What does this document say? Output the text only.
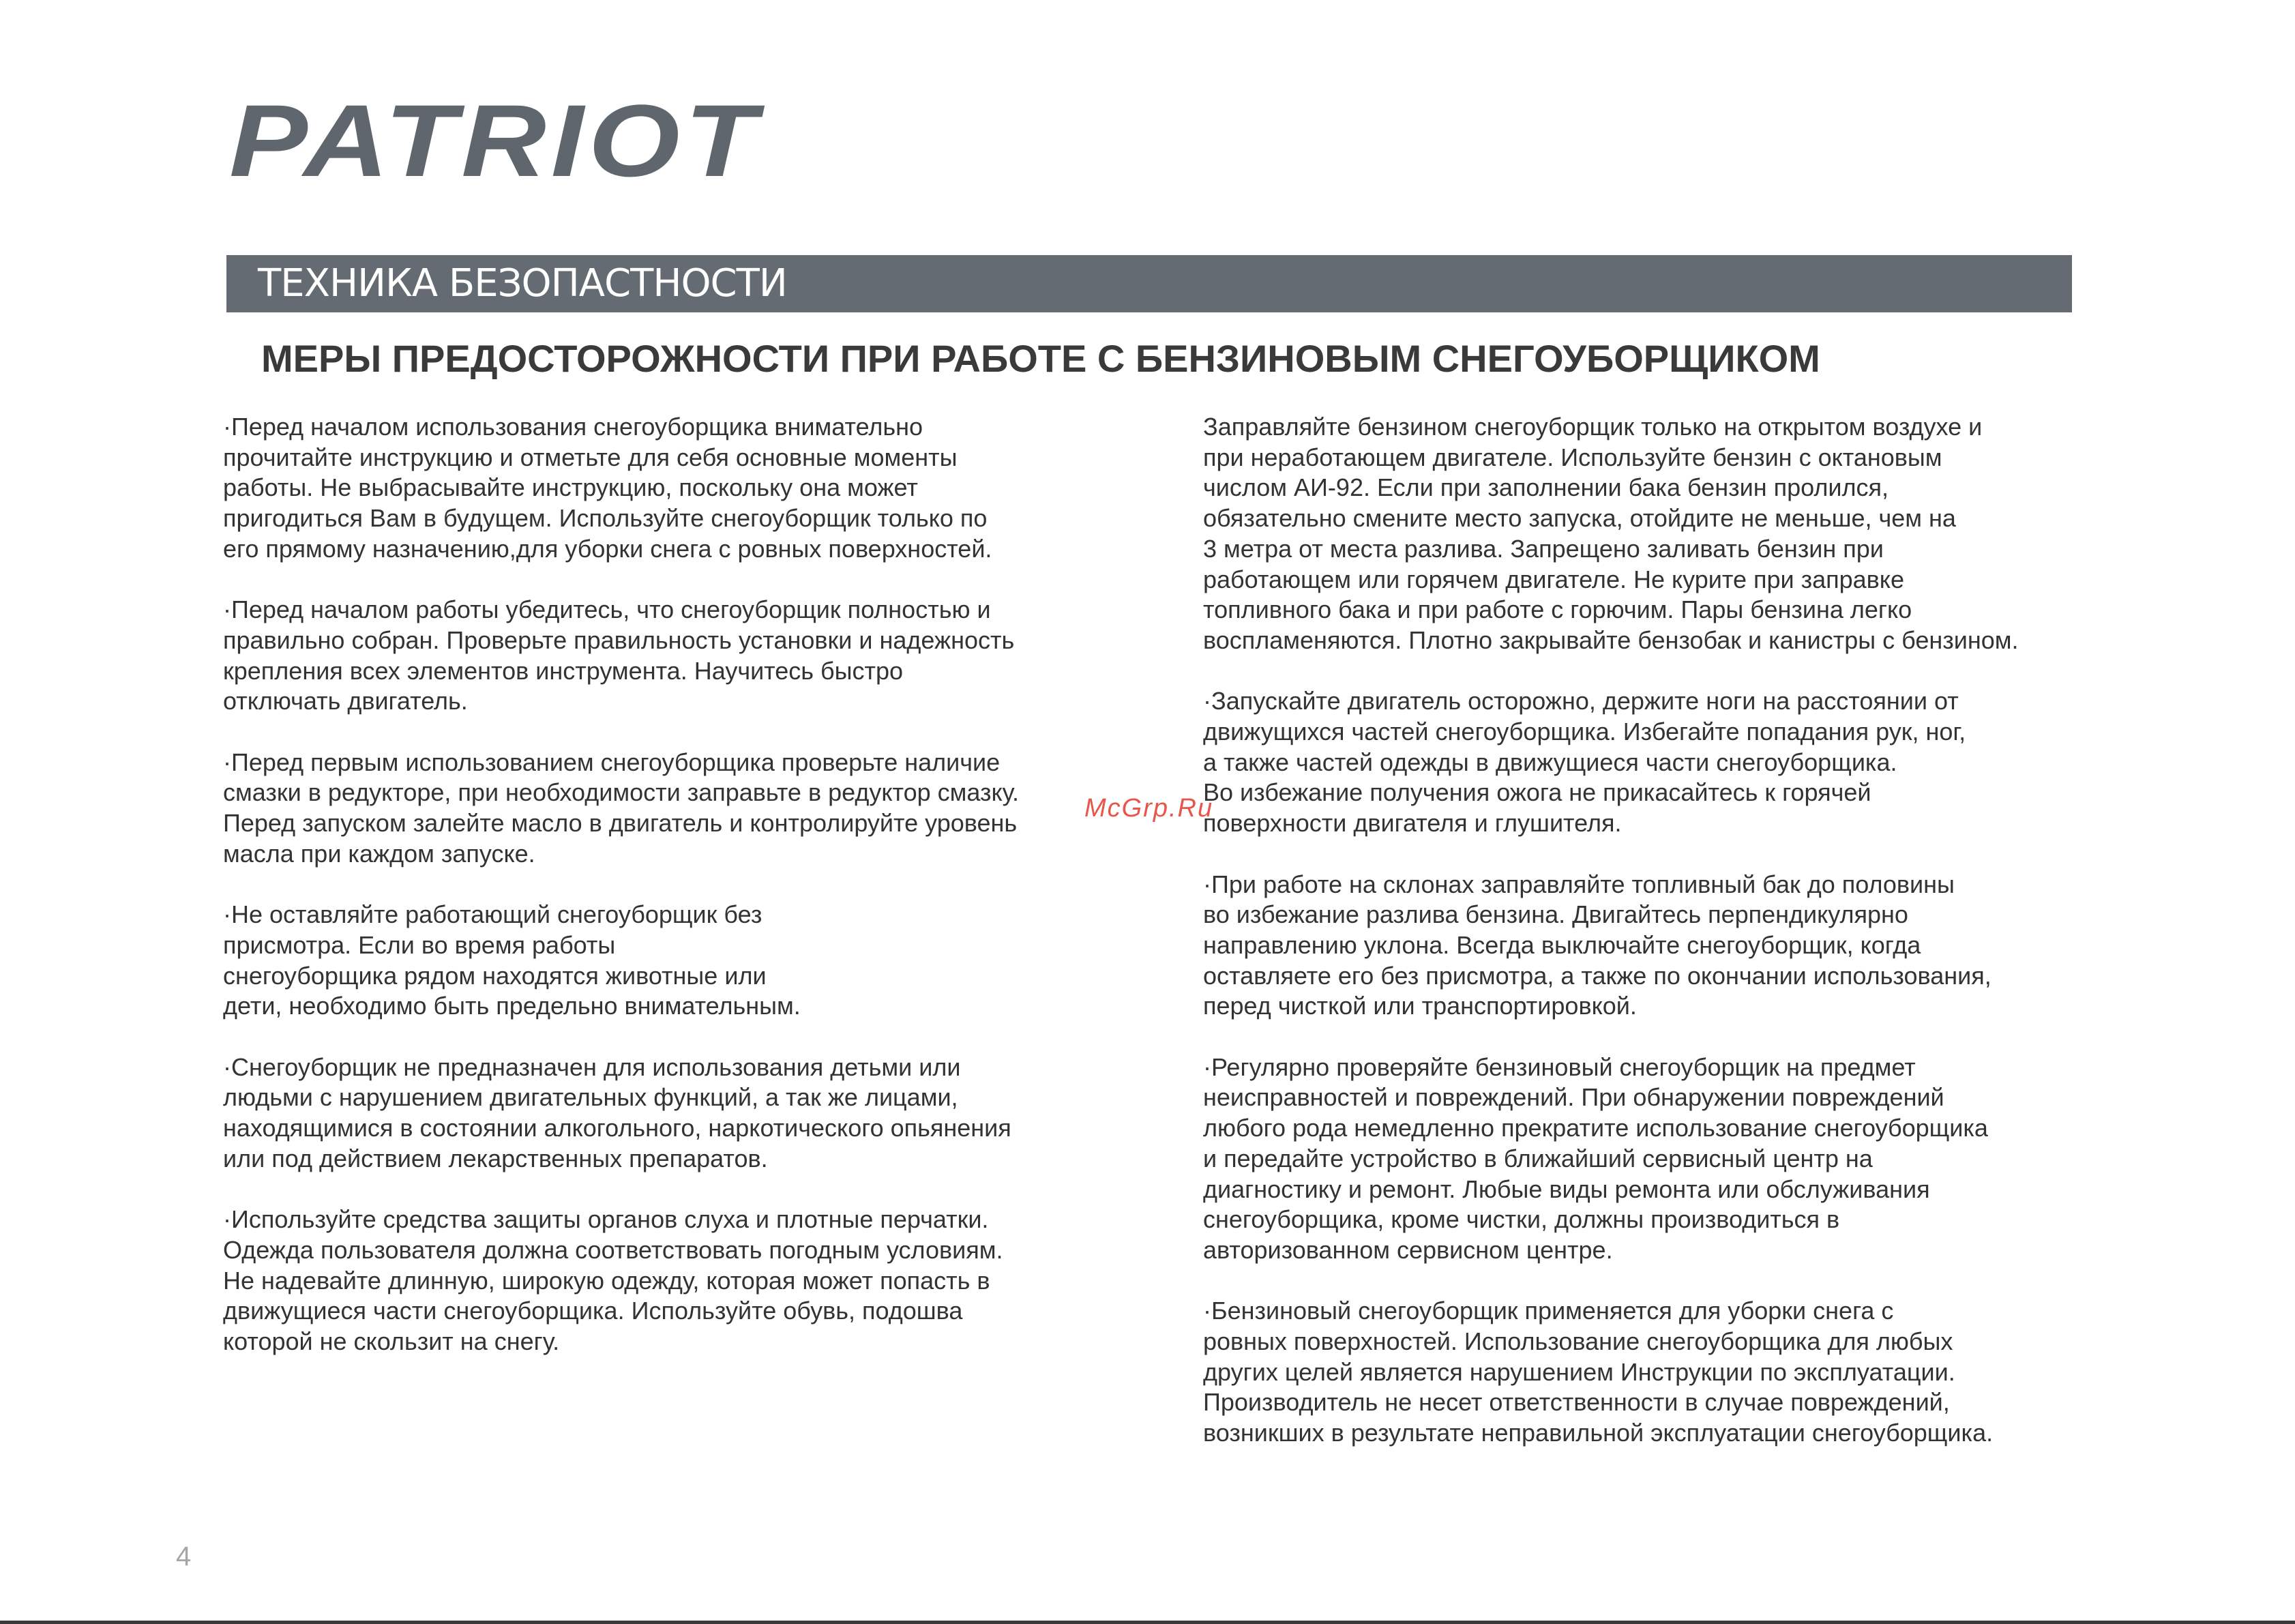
PATRIOT
ТЕХНИКА БЕЗОПАСТНОСТИ
МЕРЫ ПРЕДОСТОРОЖНОСТИ ПРИ РАБОТЕ С БЕНЗИНОВЫМ СНЕГОУБОРЩИКОМ

·Перед началом использования снегоуборщика внимательно
прочитайте инструкцию и отметьте для себя основные моменты
работы. Не выбрасывайте инструкцию, поскольку она может
пригодиться Вам в будущем. Используйте снегоуборщик только по
его прямому назначению,для уборки снега с ровных поверхностей.

·Перед началом работы убедитесь, что снегоуборщик полностью и
правильно собран. Проверьте правильность установки и надежность
крепления всех элементов инструмента. Научитесь быстро
отключать двигатель.

·Перед первым использованием снегоуборщика проверьте наличие
смазки в редукторе, при необходимости заправьте в редуктор смазку.
Перед запуском залейте масло в двигатель и контролируйте уровень
масла при каждом запуске.

·Не оставляйте работающий снегоуборщик без
присмотра. Если во время работы
снегоуборщика рядом находятся животные или
дети, необходимо быть предельно внимательным.

·Снегоуборщик не предназначен для использования детьми или
людьми с нарушением двигательных функций, а так же лицами,
находящимися в состоянии алкогольного, наркотического опьянения
или под действием лекарственных препаратов.

·Используйте средства защиты органов слуха и плотные перчатки.
Одежда пользователя должна соответствовать погодным условиям.
Не надевайте длинную, широкую одежду, которая может попасть в
движущиеся части снегоуборщика. Используйте обувь, подошва
которой не скользит на снегу.

Заправляйте бензином снегоуборщик только на открытом воздухе и
при неработающем двигателе. Используйте бензин с октановым
числом АИ-92. Если при заполнении бака бензин пролился,
обязательно смените место запуска, отойдите не меньше, чем на
3 метра от места разлива. Запрещено заливать бензин при
работающем или горячем двигателе. Не курите при заправке
топливного бака и при работе с горючим. Пары бензина легко
воспламеняются. Плотно закрывайте бензобак и канистры с бензином.

·Запускайте двигатель осторожно, держите ноги на расстоянии от
движущихся частей снегоуборщика. Избегайте попадания рук, ног,
а также частей одежды в движущиеся части снегоуборщика.
Во избежание получения ожога не прикасайтесь к горячей
поверхности двигателя и глушителя.

·При работе на склонах заправляйте топливный бак до половины
во избежание разлива бензина. Двигайтесь перпендикулярно
направлению уклона. Всегда выключайте снегоуборщик, когда
оставляете его без присмотра, а также по окончании использования,
перед чисткой или транспортировкой.

·Регулярно проверяйте бензиновый снегоуборщик на предмет
неисправностей и повреждений. При обнаружении повреждений
любого рода немедленно прекратите использование снегоуборщика
и передайте устройство в ближайший сервисный центр на
диагностику и ремонт. Любые виды ремонта или обслуживания
снегоуборщика, кроме чистки, должны производиться в
авторизованном сервисном центре.

·Бензиновый снегоуборщик применяется для уборки снега с
ровных поверхностей. Использование снегоуборщика для любых
других целей является нарушением Инструкции по эксплуатации.
Производитель не несет ответственности в случае повреждений,
возникших в результате неправильной эксплуатации снегоуборщика.

McGrp.Ru
4
